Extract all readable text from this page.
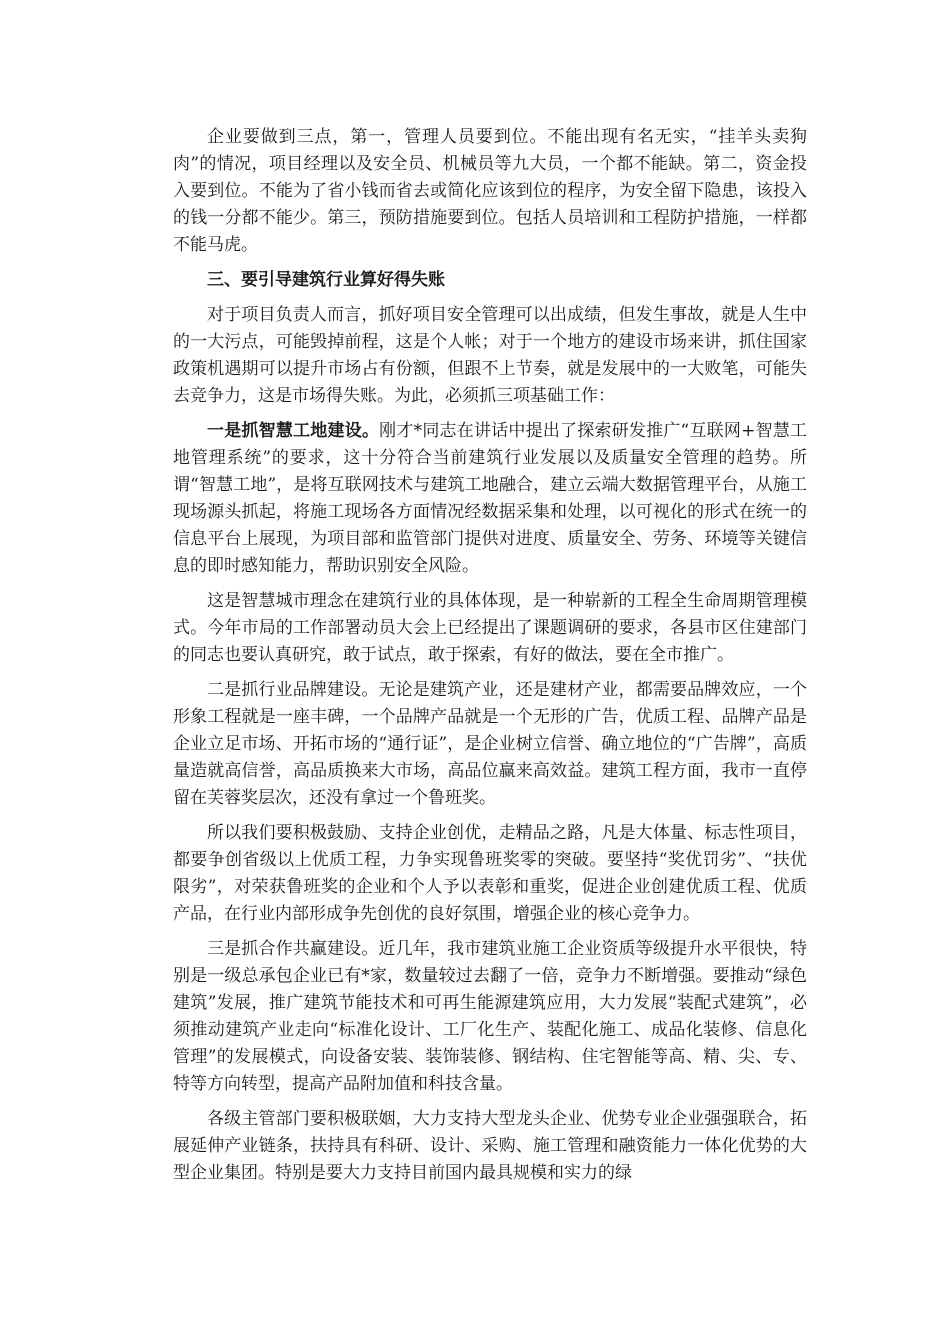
企业要做到三点，第一，管理人员要到位。不能出现有名无实，“挂羊头卖狗肉”的情况，项目经理以及安全员、机械员等九大员，一个都不能缺。第二，资金投入要到位。不能为了省小钱而省去或简化应该到位的程序，为安全留下隐患，该投入的钱一分都不能少。第三，预防措施要到位。包括人员培训和工程防护措施，一样都不能马虎。

三、要引导建筑行业算好得失账

对于项目负责人而言，抓好项目安全管理可以出成绩，但发生事故，就是人生中的一大污点，可能毁掉前程，这是个人帐；对于一个地方的建设市场来讲，抓住国家政策机遇期可以提升市场占有份额，但跟不上节奏，就是发展中的一大败笔，可能失去竞争力，这是市场得失账。为此，必须抓三项基础工作：

一是抓智慧工地建设。刚才*同志在讲话中提出了探索研发推广“互联网+智慧工地管理系统”的要求，这十分符合当前建筑行业发展以及质量安全管理的趋势。所谓“智慧工地”，是将互联网技术与建筑工地融合，建立云端大数据管理平台，从施工现场源头抓起，将施工现场各方面情况经数据采集和处理，以可视化的形式在统一的信息平台上展现，为项目部和监管部门提供对进度、质量安全、劳务、环境等关键信息的即时感知能力，帮助识别安全风险。

这是智慧城市理念在建筑行业的具体体现，是一种崭新的工程全生命周期管理模式。今年市局的工作部署动员大会上已经提出了课题调研的要求，各县市区住建部门的同志也要认真研究，敢于试点，敢于探索，有好的做法，要在全市推广。

二是抓行业品牌建设。无论是建筑产业，还是建材产业，都需要品牌效应，一个形象工程就是一座丰碑，一个品牌产品就是一个无形的广告，优质工程、品牌产品是企业立足市场、开拓市场的“通行证”，是企业树立信誉、确立地位的“广告牌”，高质量造就高信誉，高品质换来大市场，高品位赢来高效益。建筑工程方面，我市一直停留在芙蓉奖层次，还没有拿过一个鲁班奖。

所以我们要积极鼓励、支持企业创优，走精品之路，凡是大体量、标志性项目，都要争创省级以上优质工程，力争实现鲁班奖零的突破。要坚持“奖优罚劣”、“扶优限劣”，对荣获鲁班奖的企业和个人予以表彰和重奖，促进企业创建优质工程、优质产品，在行业内部形成争先创优的良好氛围，增强企业的核心竞争力。

三是抓合作共赢建设。近几年，我市建筑业施工企业资质等级提升水平很快，特别是一级总承包企业已有*家，数量较过去翻了一倍，竞争力不断增强。要推动“绿色建筑”发展，推广建筑节能技术和可再生能源建筑应用，大力发展“装配式建筑”，必须推动建筑产业走向“标准化设计、工厂化生产、装配化施工、成品化装修、信息化管理”的发展模式，向设备安装、装饰装修、钢结构、住宅智能等高、精、尖、专、特等方向转型，提高产品附加值和科技含量。

各级主管部门要积极联姻，大力支持大型龙头企业、优势专业企业强强联合，拓展延伸产业链条，扶持具有科研、设计、采购、施工管理和融资能力一体化优势的大型企业集团。特别是要大力支持目前国内最具规模和实力的绿
